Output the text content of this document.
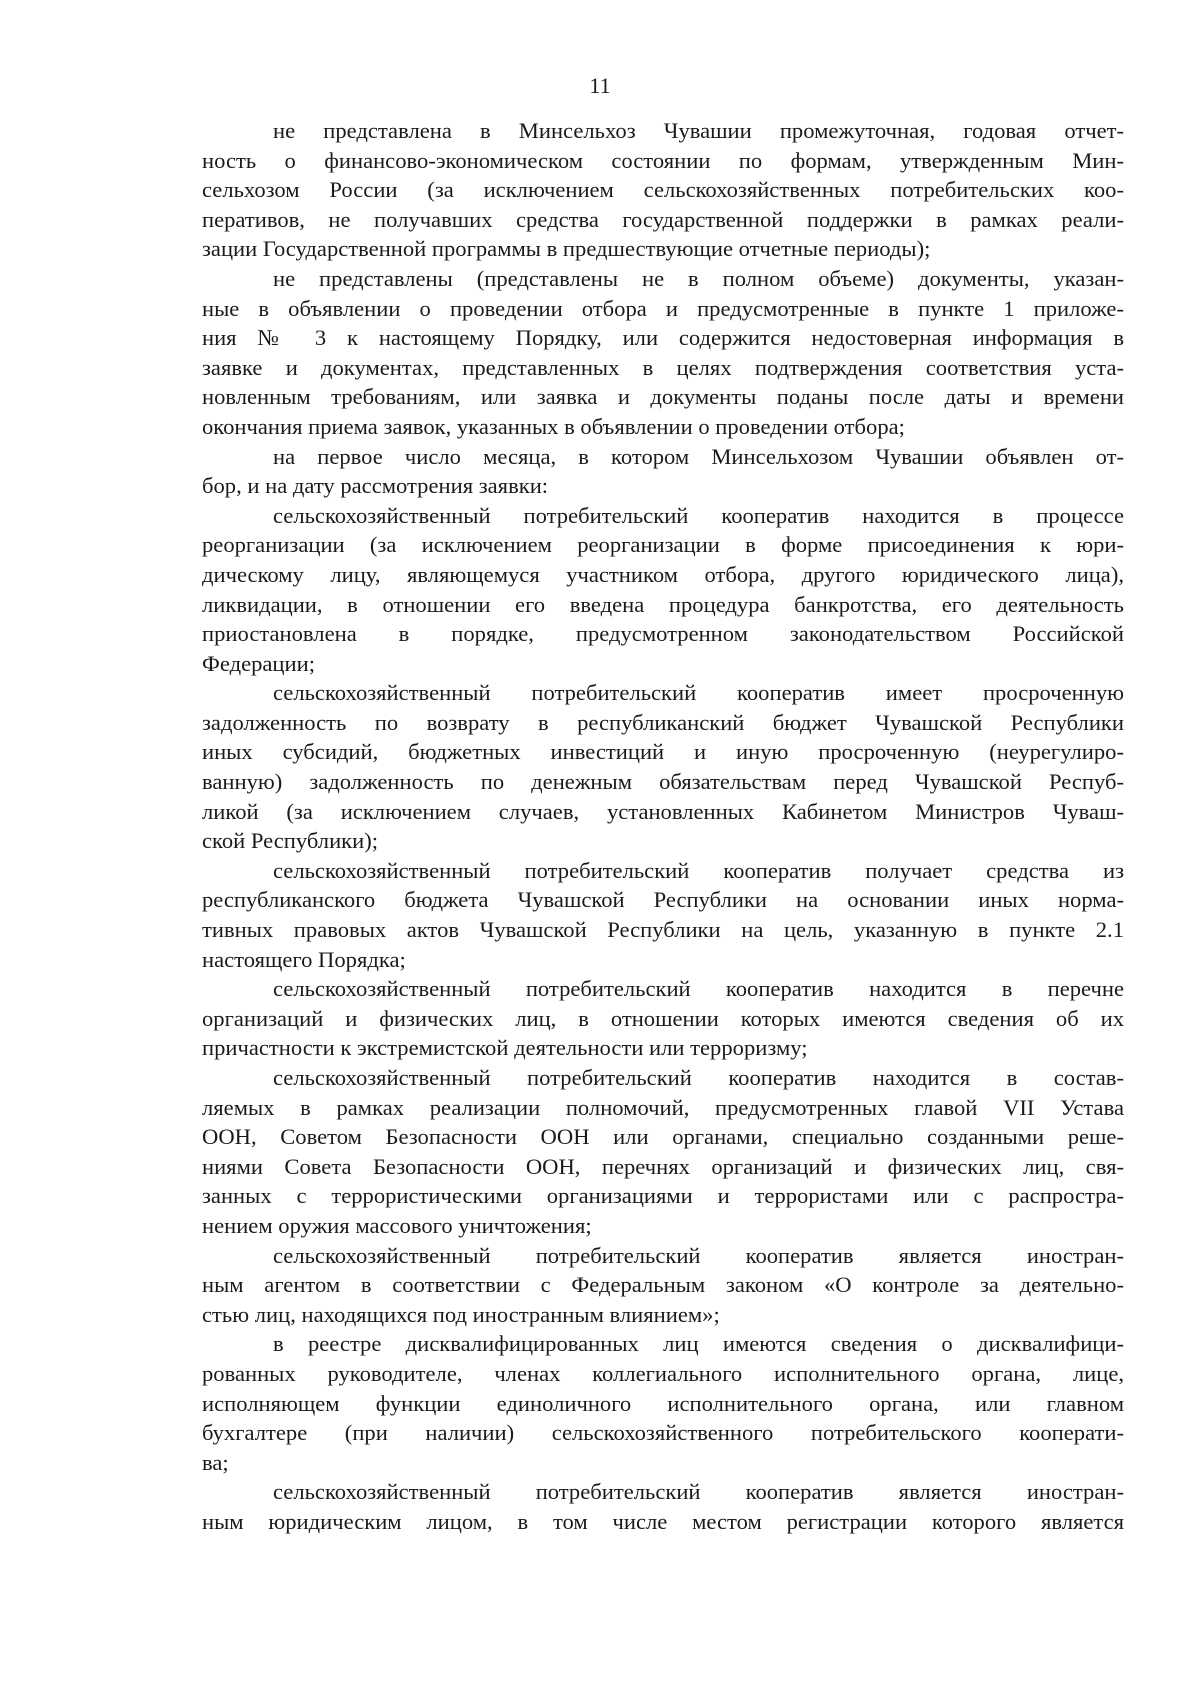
11
не представлена в Минсельхоз Чувашии промежуточная, годовая отчет-
ность о финансово-экономическом состоянии по формам, утвержденным Мин-
сельхозом России (за исключением сельскохозяйственных потребительских коо-
перативов, не получавших средства государственной поддержки в рамках реали-
зации Государственной программы в предшествующие отчетные периоды);
не представлены (представлены не в полном объеме) документы, указан-
ные в объявлении о проведении отбора и предусмотренные в пункте 1 приложе-
ния № 3 к настоящему Порядку, или содержится недостоверная информация в
заявке и документах, представленных в целях подтверждения соответствия уста-
новленным требованиям, или заявка и документы поданы после даты и времени
окончания приема заявок, указанных в объявлении о проведении отбора;
на первое число месяца, в котором Минсельхозом Чувашии объявлен от-
бор, и на дату рассмотрения заявки:
сельскохозяйственный потребительский кооператив находится в процессе
реорганизации (за исключением реорганизации в форме присоединения к юри-
дическому лицу, являющемуся участником отбора, другого юридического лица),
ликвидации, в отношении его введена процедура банкротства, его деятельность
приостановлена в порядке, предусмотренном законодательством Российской
Федерации;
сельскохозяйственный потребительский кооператив имеет просроченную
задолженность по возврату в республиканский бюджет Чувашской Республики
иных субсидий, бюджетных инвестиций и иную просроченную (неурегулиро-
ванную) задолженность по денежным обязательствам перед Чувашской Респуб-
ликой (за исключением случаев, установленных Кабинетом Министров Чуваш-
ской Республики);
сельскохозяйственный потребительский кооператив получает средства из
республиканского бюджета Чувашской Республики на основании иных норма-
тивных правовых актов Чувашской Республики на цель, указанную в пункте 2.1
настоящего Порядка;
сельскохозяйственный потребительский кооператив находится в перечне
организаций и физических лиц, в отношении которых имеются сведения об их
причастности к экстремистской деятельности или терроризму;
сельскохозяйственный потребительский кооператив находится в состав-
ляемых в рамках реализации полномочий, предусмотренных главой VII Устава
ООН, Советом Безопасности ООН или органами, специально созданными реше-
ниями Совета Безопасности ООН, перечнях организаций и физических лиц, свя-
занных с террористическими организациями и террористами или с распростра-
нением оружия массового уничтожения;
сельскохозяйственный потребительский кооператив является иностран-
ным агентом в соответствии с Федеральным законом «О контроле за деятельно-
стью лиц, находящихся под иностранным влиянием»;
в реестре дисквалифицированных лиц имеются сведения о дисквалифици-
рованных руководителе, членах коллегиального исполнительного органа, лице,
исполняющем функции единоличного исполнительного органа, или главном
бухгалтере (при наличии) сельскохозяйственного потребительского кооперати-
ва;
сельскохозяйственный потребительский кооператив является иностран-
ным юридическим лицом, в том числе местом регистрации которого является
